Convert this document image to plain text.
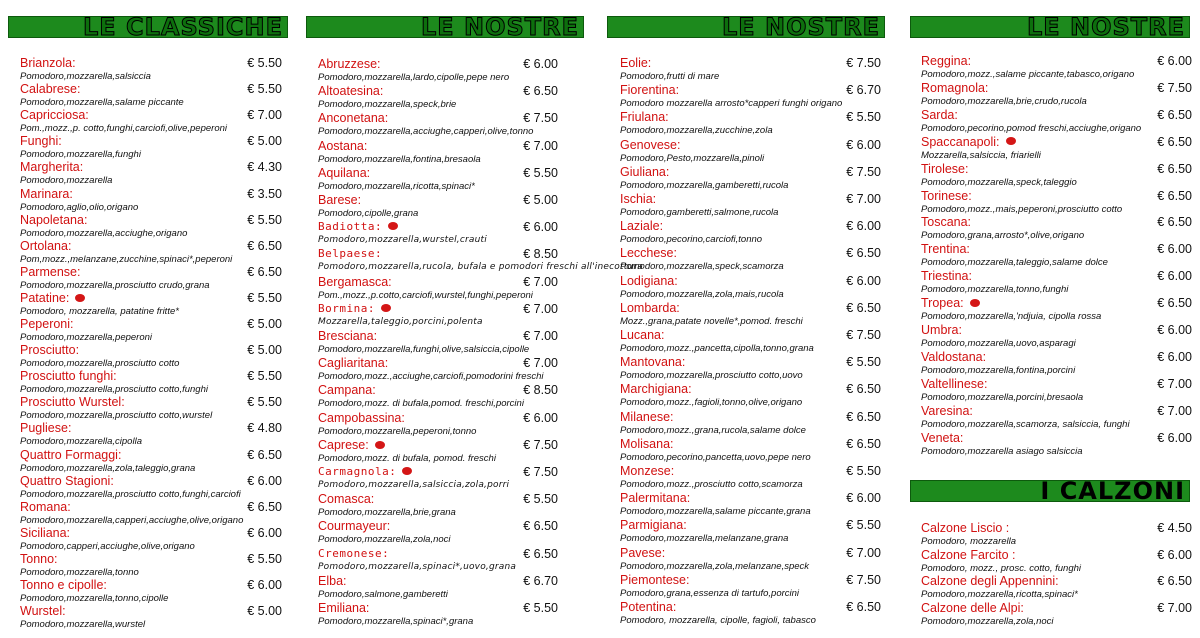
LE CLASSICHE
Brianzola:	€ 5.50
Pomodoro,mozzarella,salsiccia
Calabrese:	€ 5.50
Pomodoro,mozzarella,salame piccante
Capricciosa:	€ 7.00
Pom.,mozz.,p. cotto,funghi,carciofi,olive,peperoni
Funghi:	€ 5.00
Pomodoro,mozzarella,funghi
Margherita:	€ 4.30
Pomodoro,mozzarella
Marinara:	€ 3.50
Pomodoro,aglio,olio,origano
Napoletana:	€ 5.50
Pomodoro,mozzarella,acciughe,origano
Ortolana:	€ 6.50
Pom,mozz.,melanzane,zucchine,spinaci*,peperoni
Parmense:	€ 6.50
Pomodoro,mozzarella,prosciutto crudo,grana
Patatine:	€ 5.50
Pomodoro, mozzarella, patatine fritte*
Peperoni:	€ 5.00
Pomodoro,mozzarella,peperoni
Prosciutto:	€ 5.00
Pomodoro,mozzarella,prosciutto cotto
Prosciutto funghi:	€ 5.50
Pomodoro,mozzarella,prosciutto cotto,funghi
Prosciutto Wurstel:	€ 5.50
Pomodoro,mozzarella,prosciutto cotto,wurstel
Pugliese:	€ 4.80
Pomodoro,mozzarella,cipolla
Quattro Formaggi:	€ 6.50
Pomodoro,mozzarella,zola,taleggio,grana
Quattro Stagioni:	€ 6.00
Pomodoro,mozzarella,prosciutto cotto,funghi,carciofi
Romana:	€ 6.50
Pomodoro,mozzarella,capperi,acciughe,olive,origano
Siciliana:	€ 6.00
Pomodoro,capperi,acciughe,olive,origano
Tonno:	€ 5.50
Pomodoro,mozzarella,tonno
Tonno e cipolle:	€ 6.00
Pomodoro,mozzarella,tonno,cipolle
Wurstel:	€ 5.00
Pomodoro,mozzarella,wurstel
LE NOSTRE
Abruzzese:	€ 6.00
Pomodoro,mozzarella,lardo,cipolle,pepe nero
Altoatesina:	€ 6.50
Pomodoro,mozzarella,speck,brie
Anconetana:	€ 7.50
Pomodoro,mozzarella,acciughe,capperi,olive,tonno
Aostana:	€ 7.00
Pomodoro,mozzarella,fontina,bresaola
Aquilana:	€ 5.50
Pomodoro,mozzarella,ricotta,spinaci*
Barese:	€ 5.00
Pomodoro,cipolle,grana
Badiotta:	€ 6.00
Pomodoro,mozzarella,wurstel,crauti
Belpaese:	€ 8.50
Pomodoro,mozzarella,rucola, bufala e pomodori freschi all'inecottura
Bergamasca:	€ 7.00
Pom.,mozz.,p.cotto,carciofi,wurstel,funghi,peperoni
Bormina:	€ 7.00
Mozzarella,taleggio,porcini,polenta
Bresciana:	€ 7.00
Pomodoro,mozzarella,funghi,olive,salsiccia,cipolle
Cagliaritana:	€ 7.00
Pomodoro,mozz.,acciughe,carciofi,pomodorini freschi
Campana:	€ 8.50
Pomodoro,mozz. di bufala,pomod. freschi,porcini
Campobassina:	€ 6.00
Pomodoro,mozzarella,peperoni,tonno
Caprese:	€ 7.50
Pomodoro,mozz. di bufala, pomod. freschi
Carmagnola:	€ 7.50
Pomodoro,mozzarella,salsiccia,zola,porri
Comasca:	€ 5.50
Pomodoro,mozzarella,brie,grana
Courmayeur:	€ 6.50
Pomodoro,mozzarella,zola,noci
Cremonese:	€ 6.50
Pomodoro,mozzarella,spinaci*,uovo,grana
Elba:	€ 6.70
Pomodoro,salmone,gamberetti
Emiliana:	€ 5.50
Pomodoro,mozzarella,spinaci*,grana
LE NOSTRE
Eolie:	€ 7.50
Pomodoro,frutti di mare
Fiorentina:	€ 6.70
Pomodoro mozzarella arrosto*capperi funghi origano
Friulana:	€ 5.50
Pomodoro,mozzarella,zucchine,zola
Genovese:	€ 6.00
Pomodoro,Pesto,mozzarella,pinoli
Giuliana:	€ 7.50
Pomodoro,mozzarella,gamberetti,rucola
Ischia:	€ 7.00
Pomodoro,gamberetti,salmone,rucola
Laziale:	€ 6.00
Pomodoro,pecorino,carciofi,tonno
Lecchese:	€ 6.50
Pomodoro,mozzarella,speck,scamorza
Lodigiana:	€ 6.00
Pomodoro,mozzarella,zola,mais,rucola
Lombarda:	€ 6.50
Mozz.,grana,patate novelle*,pomod. freschi
Lucana:	€ 7.50
Pomodoro,mozz.,pancetta,cipolla,tonno,grana
Mantovana:	€ 5.50
Pomodoro,mozzarella,prosciutto cotto,uovo
Marchigiana:	€ 6.50
Pomodoro,mozz.,fagioli,tonno,olive,origano
Milanese:	€ 6.50
Pomodoro,mozz.,grana,rucola,salame dolce
Molisana:	€ 6.50
Pomodoro,pecorino,pancetta,uovo,pepe nero
Monzese:	€ 5.50
Pomodoro,mozz.,prosciutto cotto,scamorza
Palermitana:	€ 6.00
Pomodoro,mozzarella,salame piccante,grana
Parmigiana:	€ 5.50
Pomodoro,mozzarella,melanzane,grana
Pavese:	€ 7.00
Pomodoro,mozzarella,zola,melanzane,speck
Piemontese:	€ 7.50
Pomodoro,grana,essenza di tartufo,porcini
Potentina:	€ 6.50
Pomodoro, mozzarella, cipolle, fagioli, tabasco
LE NOSTRE
Reggina:	€ 6.00
Pomodoro,mozz.,salame piccante,tabasco,origano
Romagnola:	€ 7.50
Pomodoro,mozzarella,brie,crudo,rucola
Sarda:	€ 6.50
Pomodoro,pecorino,pomod freschi,acciughe,origano
Spaccanapoli:	€ 6.50
Mozzarella,salsiccia, friarielli
Tirolese:	€ 6.50
Pomodoro,mozzarella,speck,taleggio
Torinese:	€ 6.50
Pomodoro,mozz.,mais,peperoni,prosciutto cotto
Toscana:	€ 6.50
Pomodoro,grana,arrosto*,olive,origano
Trentina:	€ 6.00
Pomodoro,mozzarella,taleggio,salame dolce
Triestina:	€ 6.00
Pomodoro,mozzarella,tonno,funghi
Tropea:	€ 6.50
Pomodoro,mozzarella,'ndjuia, cipolla rossa
Umbra:	€ 6.00
Pomodoro,mozzarella,uovo,asparagi
Valdostana:	€ 6.00
Pomodoro,mozzarella,fontina,porcini
Valtellinese:	€ 7.00
Pomodoro,mozzarella,porcini,bresaola
Varesina:	€ 7.00
Pomodoro,mozzarella,scamorza, salsiccia, funghi
Veneta:	€ 6.00
Pomodoro,mozzarella asiago salsiccia
I CALZONI
Calzone Liscio :	€ 4.50
Pomodoro, mozzarella
Calzone Farcito :	€ 6.00
Pomodoro, mozz., prosc. cotto, funghi
Calzone degli Appennini:	€ 6.50
Pomodoro,mozzarella,ricotta,spinaci*
Calzone delle Alpi:	€ 7.00
Pomodoro,mozzarella,zola,noci
